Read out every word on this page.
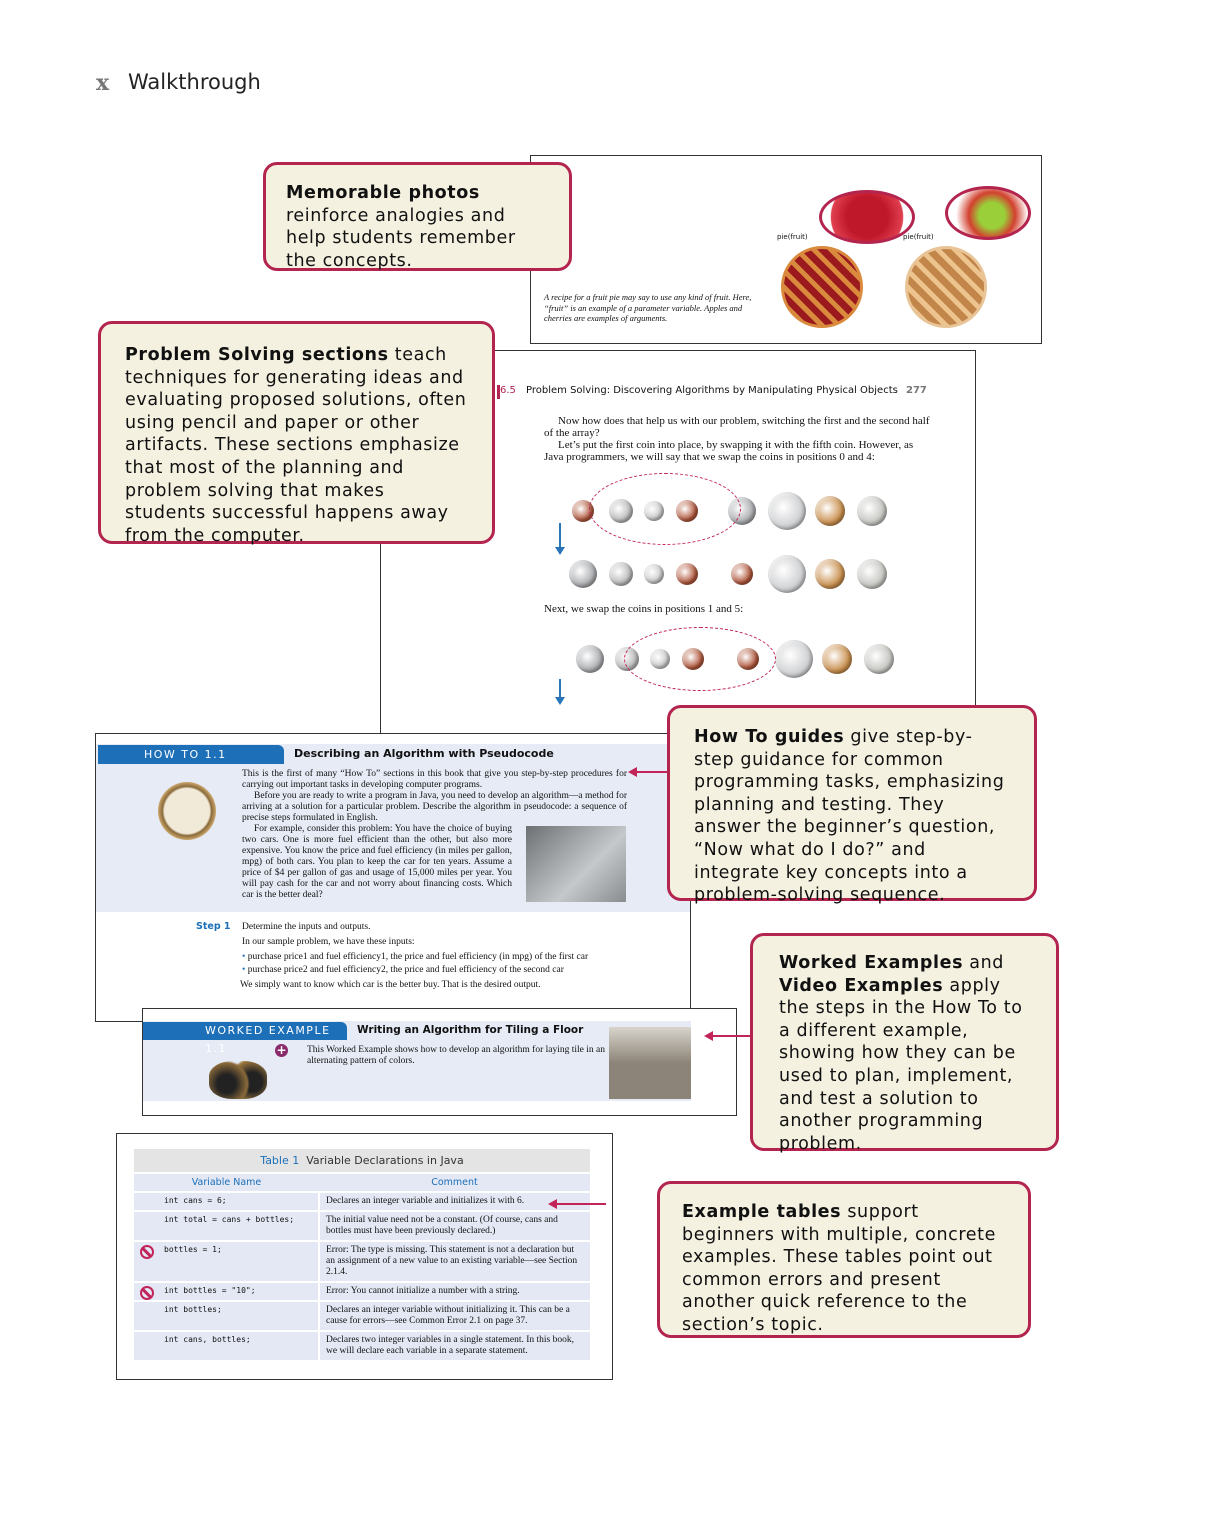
x Walkthrough
A recipe for a fruit pie may say to use any kind of fruit. Here, “fruit” is an example of a parameter variable. Apples and cherries are examples of arguments.
pie(fruit)	pie(fruit)
Memorable photos reinforce analogies and help students remember the concepts.
6.5 Problem Solving: Discovering Algorithms by Manipulating Physical Objects 277

Now how does that help us with our problem, switching the first and the second half of the array?

Let’s put the first coin into place, by swapping it with the fifth coin. However, as Java programmers, we will say that we swap the coins in positions 0 and 4:

Next, we swap the coins in positions 1 and 5:

Problem Solving sections teach techniques for generating ideas and evaluating proposed solutions, often using pencil and paper or other artifacts. These sections emphasize that most of the planning and problem solving that makes students successful happens away from the computer.
HOW TO 1.1	Describing an Algorithm with Pseudocode
This is the first of many “How To” sections in this book that give you step-by-step procedures for carrying out important tasks in developing computer programs.
Before you are ready to write a program in Java, you need to develop an algorithm—a method for arriving at a solution for a particular problem. Describe the algorithm in pseudocode: a sequence of precise steps formulated in English.
For example, consider this problem: You have the choice of buying two cars. One is more fuel efficient than the other, but also more expensive. You know the price and fuel efficiency (in miles per gallon, mpg) of both cars. You plan to keep the car for ten years. Assume a price of $4 per gallon of gas and usage of 15,000 miles per year. You will pay cash for the car and not worry about financing costs. Which car is the better deal?
Step 1 Determine the inputs and outputs.
In our sample problem, we have these inputs:
• purchase price1 and fuel efficiency1, the price and fuel efficiency (in mpg) of the first car
• purchase price2 and fuel efficiency2, the price and fuel efficiency of the second car
We simply want to know which car is the better buy. That is the desired output.
How To guides give step-by-step guidance for common programming tasks, emphasizing planning and testing. They answer the beginner’s question, “Now what do I do?” and integrate key concepts into a problem-solving sequence.
WORKED EXAMPLE 1.1
Writing an Algorithm for Tiling a Floor
+ This Worked Example shows how to develop an algorithm for laying tile in an alternating pattern of colors.
Worked Examples and Video Examples apply the steps in the How To to a different example, showing how they can be used to plan, implement, and test a solution to another programming problem.
Table 1 Variable Declarations in Java	
Variable Name	Comment
int cans = 6;	Declares an integer variable and initializes it with 6.
int total = cans + bottles;	The initial value need not be a constant. (Of course, cans and bottles must have been previously declared.)

bottles = 1;	Error: The type is missing. This statement is not a declaration but an assignment of a new value to an existing variable—see Section 2.1.4.

int bottles = "10";	Error: You cannot initialize a number with a string.
int bottles;	Declares an integer variable without initializing it. This can be a cause for errors—see Common Error 2.1 on page 37.
int cans, bottles;	Declares two integer variables in a single statement. In this book, we will declare each variable in a separate statement.
Example tables support beginners with multiple, concrete examples. These tables point out common errors and present another quick reference to the section’s topic.
